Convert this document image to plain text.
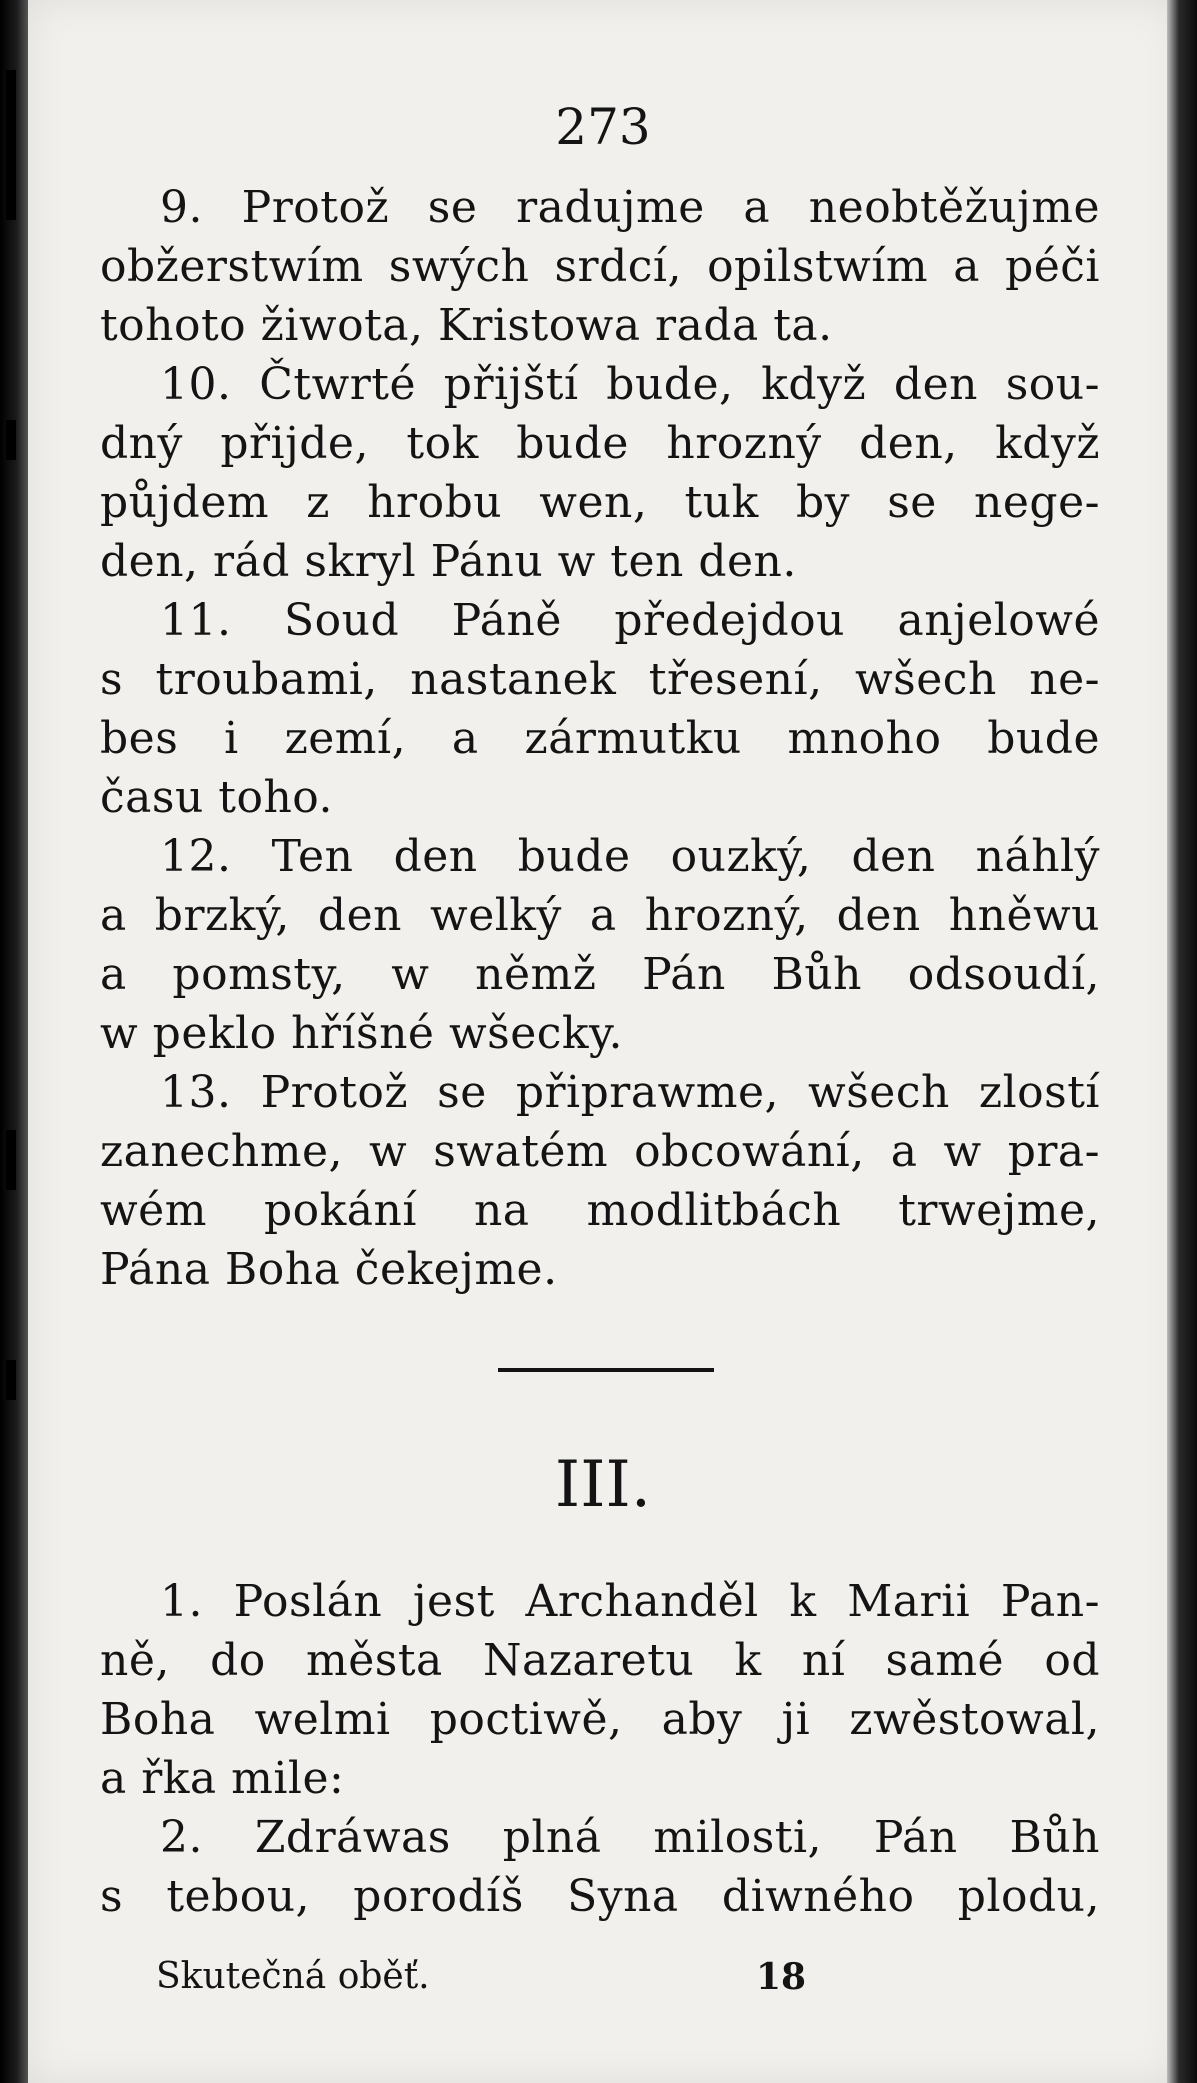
273
9. Protož se radujme a neobtěžujme
obžerstwím swých srdcí, opilstwím a péči
tohoto žiwota, Kristowa rada ta.
10. Čtwrté přijští bude, když den sou-
dný přijde, tok bude hrozný den, když
půjdem z hrobu wen, tuk by se nege-
den, rád skryl Pánu w ten den.
11. Soud Páně předejdou anjelowé
s troubami, nastanek třesení, wšech ne-
bes i zemí, a zármutku mnoho bude
času toho.
12. Ten den bude ouzký, den náhlý
a brzký, den welký a hrozný, den hněwu
a pomsty, w němž Pán Bůh odsoudí,
w peklo hříšné wšecky.
13. Protož se připrawme, wšech zlostí
zanechme, w swatém obcowání, a w pra-
wém pokání na modlitbách trwejme,
Pána Boha čekejme.
III.
1. Poslán jest Archanděl k Marii Pan-
ně, do města Nazaretu k ní samé od
Boha welmi poctiwě, aby ji zwěstowal,
a řka mile:
2. Zdráwas plná milosti, Pán Bůh
s tebou, porodíš Syna diwného plodu,
Skutečná oběť.	18
